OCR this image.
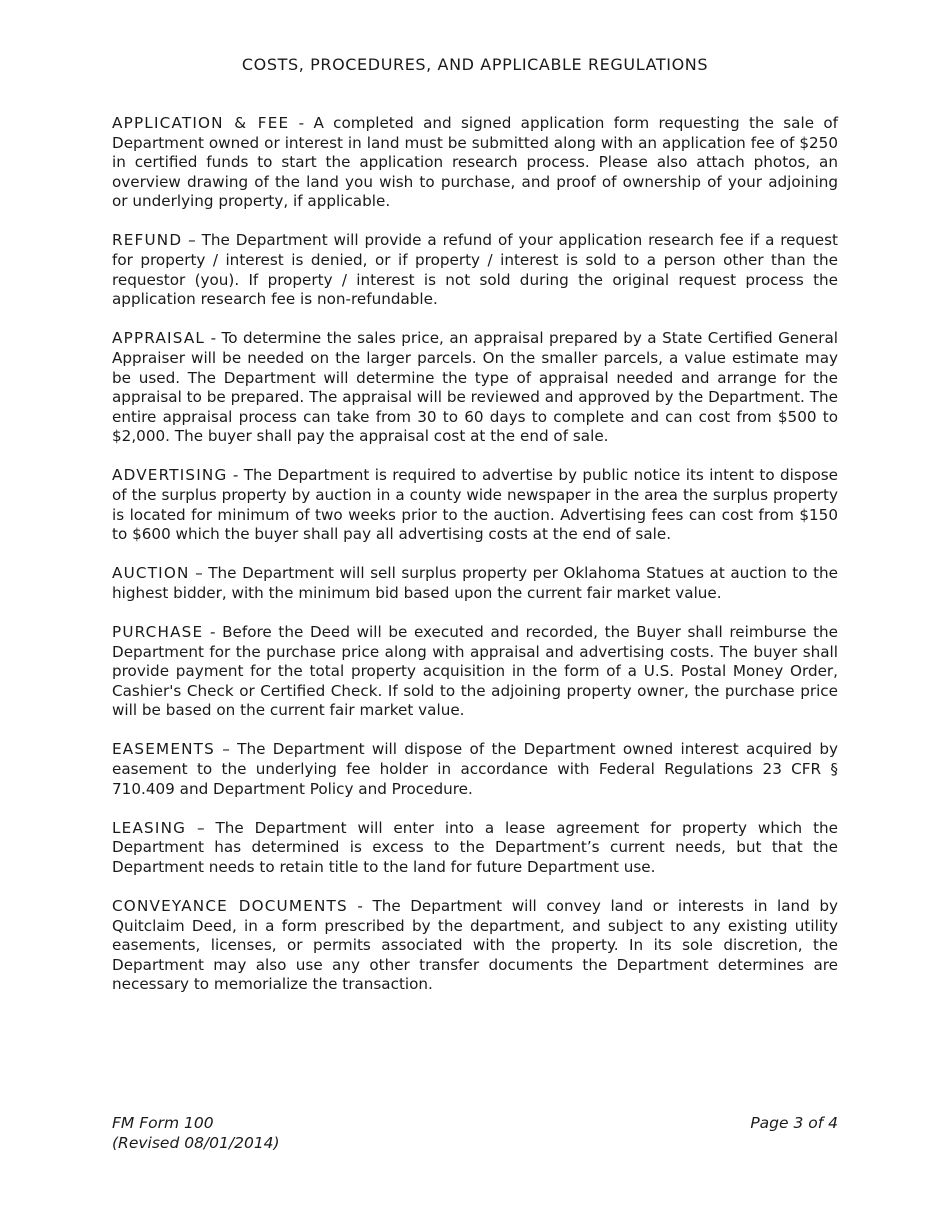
COSTS, PROCEDURES, AND APPLICABLE REGULATIONS

APPLICATION & FEE - A completed and signed application form requesting the sale of Department owned or interest in land must be submitted along with an application fee of $250 in certified funds to start the application research process. Please also attach photos, an overview drawing of the land you wish to purchase, and proof of ownership of your adjoining or underlying property, if applicable.

REFUND – The Department will provide a refund of your application research fee if a request for property / interest is denied, or if property / interest is sold to a person other than the requestor (you). If property / interest is not sold during the original request process the application research fee is non-refundable.

APPRAISAL - To determine the sales price, an appraisal prepared by a State Certified General Appraiser will be needed on the larger parcels. On the smaller parcels, a value estimate may be used. The Department will determine the type of appraisal needed and arrange for the appraisal to be prepared. The appraisal will be reviewed and approved by the Department. The entire appraisal process can take from 30 to 60 days to complete and can cost from $500 to $2,000. The buyer shall pay the appraisal cost at the end of sale.

ADVERTISING - The Department is required to advertise by public notice its intent to dispose of the surplus property by auction in a county wide newspaper in the area the surplus property is located for minimum of two weeks prior to the auction. Advertising fees can cost from $150 to $600 which the buyer shall pay all advertising costs at the end of sale.

AUCTION – The Department will sell surplus property per Oklahoma Statues at auction to the highest bidder, with the minimum bid based upon the current fair market value.

PURCHASE - Before the Deed will be executed and recorded, the Buyer shall reimburse the Department for the purchase price along with appraisal and advertising costs. The buyer shall provide payment for the total property acquisition in the form of a U.S. Postal Money Order, Cashier's Check or Certified Check. If sold to the adjoining property owner, the purchase price will be based on the current fair market value.

EASEMENTS – The Department will dispose of the Department owned interest acquired by easement to the underlying fee holder in accordance with Federal Regulations 23 CFR § 710.409 and Department Policy and Procedure.

LEASING – The Department will enter into a lease agreement for property which the Department has determined is excess to the Department’s current needs, but that the Department needs to retain title to the land for future Department use.

CONVEYANCE DOCUMENTS - The Department will convey land or interests in land by Quitclaim Deed, in a form prescribed by the department, and subject to any existing utility easements, licenses, or permits associated with the property. In its sole discretion, the Department may also use any other transfer documents the Department determines are necessary to memorialize the transaction.

FM Form 100
(Revised 08/01/2014)
Page 3 of 4
